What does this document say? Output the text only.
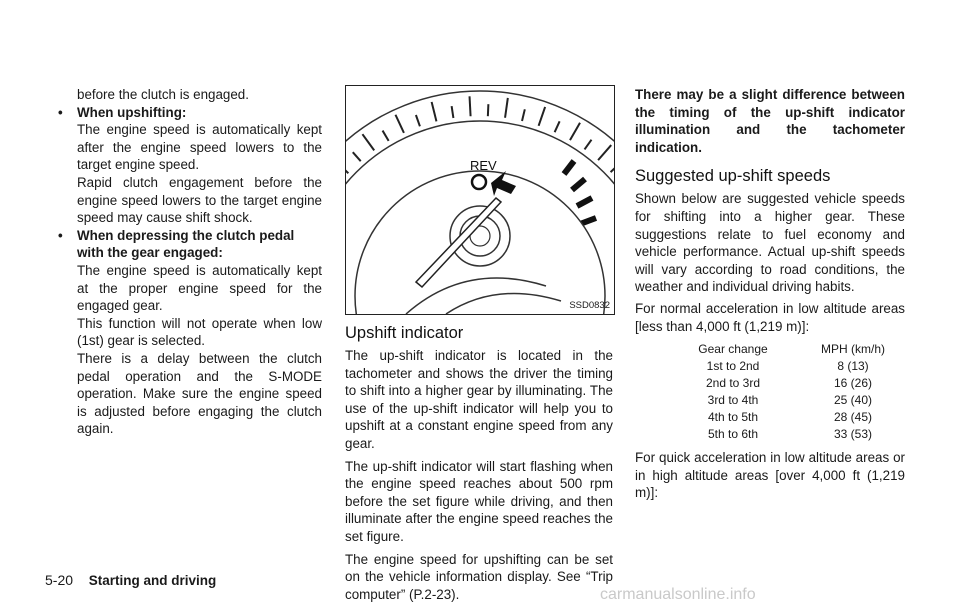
before the clutch is engaged.

• When upshifting:

The engine speed is automatically kept after the engine speed lowers to the target engine speed.

Rapid clutch engagement before the engine speed lowers to the target engine speed may cause shift shock.

• When depressing the clutch pedal with the gear engaged:

The engine speed is automatically kept at the proper engine speed for the engaged gear.

This function will not operate when low (1st) gear is selected.

There is a delay between the clutch pedal operation and the S-MODE operation. Make sure the engine speed is adjusted before engaging the clutch again.

REV
SSD0832
Upshift indicator

The up-shift indicator is located in the tachometer and shows the driver the timing to shift into a higher gear by illuminating. The use of the up-shift indicator will help you to upshift at a constant engine speed from any gear.

The up-shift indicator will start flashing when the engine speed reaches about 500 rpm before the set figure while driving, and then illuminate after the engine speed reaches the set figure.

The engine speed for upshifting can be set on the vehicle information display. See “Trip computer” (P.2-23).

There may be a slight difference between the timing of the up-shift indicator illumination and the tachometer indication.

Suggested up-shift speeds

Shown below are suggested vehicle speeds for shifting into a higher gear. These suggestions relate to fuel economy and vehicle performance. Actual up-shift speeds will vary according to road conditions, the weather and individual driving habits.

For normal acceleration in low altitude areas [less than 4,000 ft (1,219 m)]:

Gear change	MPH (km/h)
1st to 2nd	8 (13)
2nd to 3rd	16 (26)
3rd to 4th	25 (40)
4th to 5th	28 (45)
5th to 6th	33 (53)

For quick acceleration in low altitude areas or in high altitude areas [over 4,000 ft (1,219 m)]:

5-20 Starting and driving
carmanualsonline.info
